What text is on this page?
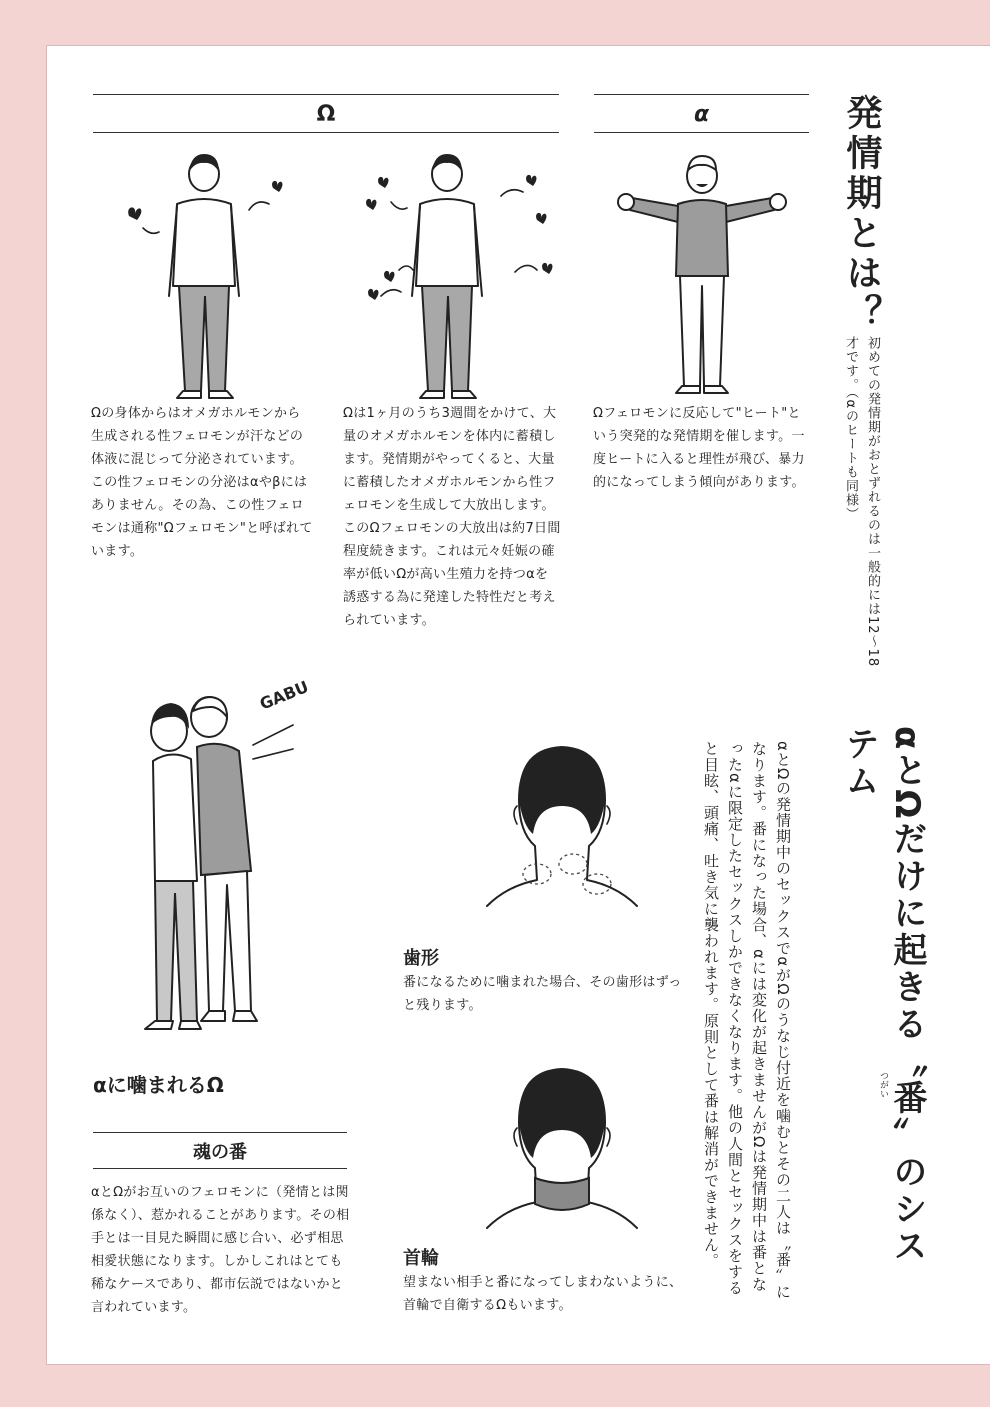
Ω	α

Ωの身体からはオメガホルモンから生成される性フェロモンが汗などの体液に混じって分泌されています。この性フェロモンの分泌はαやβにはありません。その為、この性フェロモンは通称"Ωフェロモン"と呼ばれています。

Ωは1ヶ月のうち3週間をかけて、大量のオメガホルモンを体内に蓄積します。発情期がやってくると、大量に蓄積したオメガホルモンから性フェロモンを生成して大放出します。このΩフェロモンの大放出は約7日間程度続きます。これは元々妊娠の確率が低いΩが高い生殖力を持つαを誘惑する為に発達した特性だと考えられています。

Ωフェロモンに反応して"ヒート"という突発的な発情期を催します。一度ヒートに入ると理性が飛び、暴力的になってしまう傾向があります。

発情期とは？

初めての発情期がおとずれるのは一般的には12〜18才です。（αのヒートも同様）

αとΩだけに起きる〝番〟のシステム
つがい

αとΩの発情期中のセックスでαがΩのうなじ付近を噛むとその二人は〝番〟になります。番になった場合、αには変化が起きませんがΩは発情期中は番となったαに限定したセックスしかできなくなります。他の人間とセックスをすると目眩、頭痛、吐き気に襲われます。原則として番は解消ができません。

GABU
αに噛まれるΩ
歯形

番になるために噛まれた場合、その歯形はずっと残ります。

首輪

望まない相手と番になってしまわないように、首輪で自衛するΩもいます。

魂の番

αとΩがお互いのフェロモンに（発情とは関係なく）、惹かれることがあります。その相手とは一目見た瞬間に感じ合い、必ず相思相愛状態になります。しかしこれはとても稀なケースであり、都市伝説ではないかと言われています。
